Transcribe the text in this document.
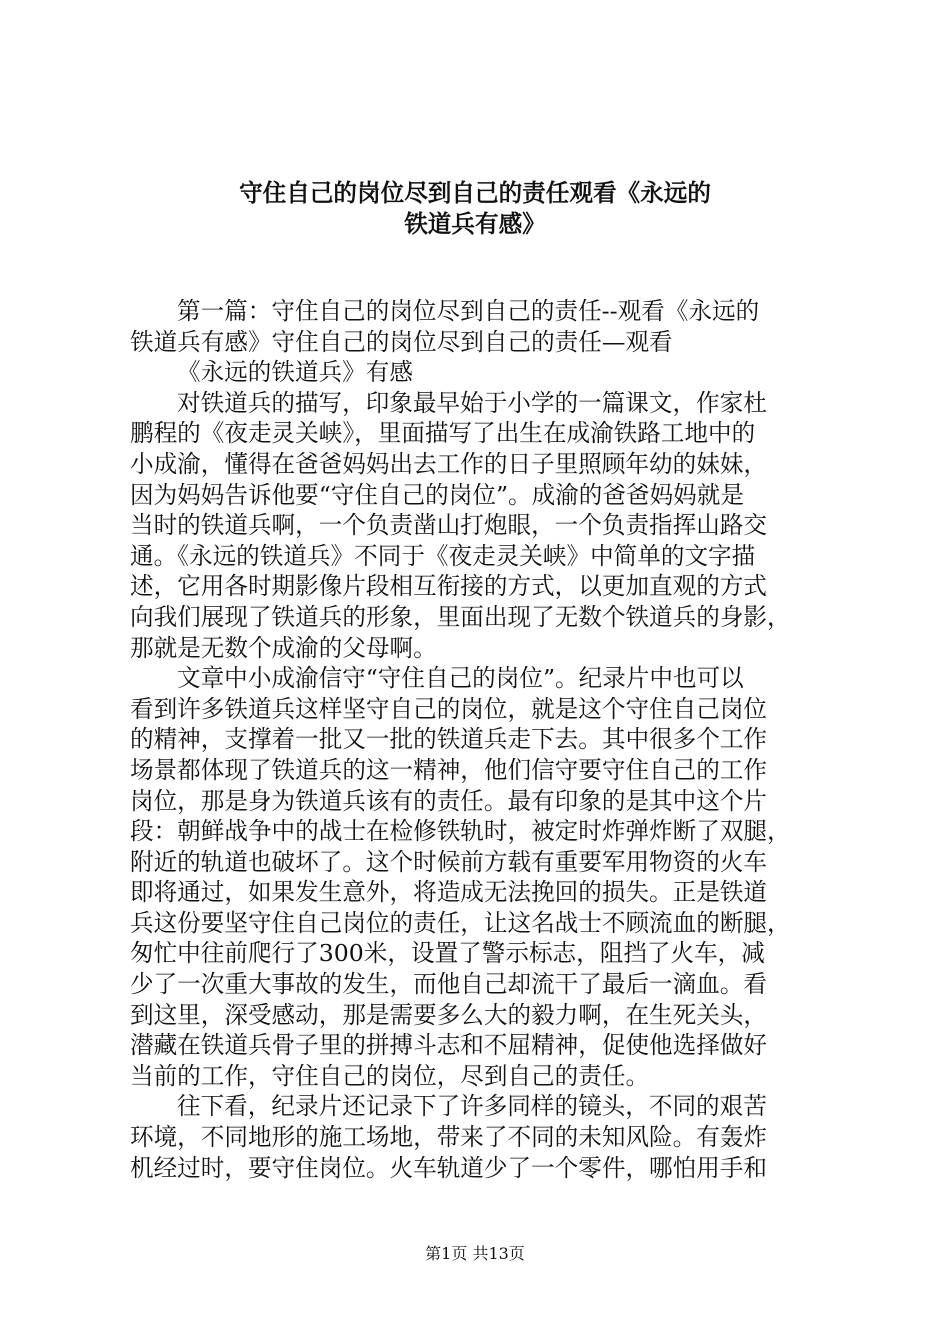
守住自己的岗位尽到自己的责任观看《永远的
铁道兵有感》
第一篇：守住自己的岗位尽到自己的责任--观看《永远的
铁道兵有感》守住自己的岗位尽到自己的责任—观看
《永远的铁道兵》有感
对铁道兵的描写，印象最早始于小学的一篇课文，作家杜
鹏程的《夜走灵关峡》，里面描写了出生在成渝铁路工地中的
小成渝，懂得在爸爸妈妈出去工作的日子里照顾年幼的妹妹，
因为妈妈告诉他要“守住自己的岗位”。成渝的爸爸妈妈就是
当时的铁道兵啊，一个负责凿山打炮眼，一个负责指挥山路交
通。《永远的铁道兵》不同于《夜走灵关峡》中简单的文字描
述，它用各时期影像片段相互衔接的方式，以更加直观的方式
向我们展现了铁道兵的形象，里面出现了无数个铁道兵的身影，
那就是无数个成渝的父母啊。
文章中小成渝信守“守住自己的岗位”。纪录片中也可以
看到许多铁道兵这样坚守自己的岗位，就是这个守住自己岗位
的精神，支撑着一批又一批的铁道兵走下去。其中很多个工作
场景都体现了铁道兵的这一精神，他们信守要守住自己的工作
岗位，那是身为铁道兵该有的责任。最有印象的是其中这个片
段：朝鲜战争中的战士在检修铁轨时，被定时炸弹炸断了双腿，
附近的轨道也破坏了。这个时候前方载有重要军用物资的火车
即将通过，如果发生意外，将造成无法挽回的损失。正是铁道
兵这份要坚守住自己岗位的责任，让这名战士不顾流血的断腿，
匆忙中往前爬行了300米，设置了警示标志，阻挡了火车，减
少了一次重大事故的发生，而他自己却流干了最后一滴血。看
到这里，深受感动，那是需要多么大的毅力啊，在生死关头，
潜藏在铁道兵骨子里的拼搏斗志和不屈精神，促使他选择做好
当前的工作，守住自己的岗位，尽到自己的责任。
往下看，纪录片还记录下了许多同样的镜头，不同的艰苦
环境，不同地形的施工场地，带来了不同的未知风险。有轰炸
机经过时，要守住岗位。火车轨道少了一个零件，哪怕用手和
第1页 共13页
